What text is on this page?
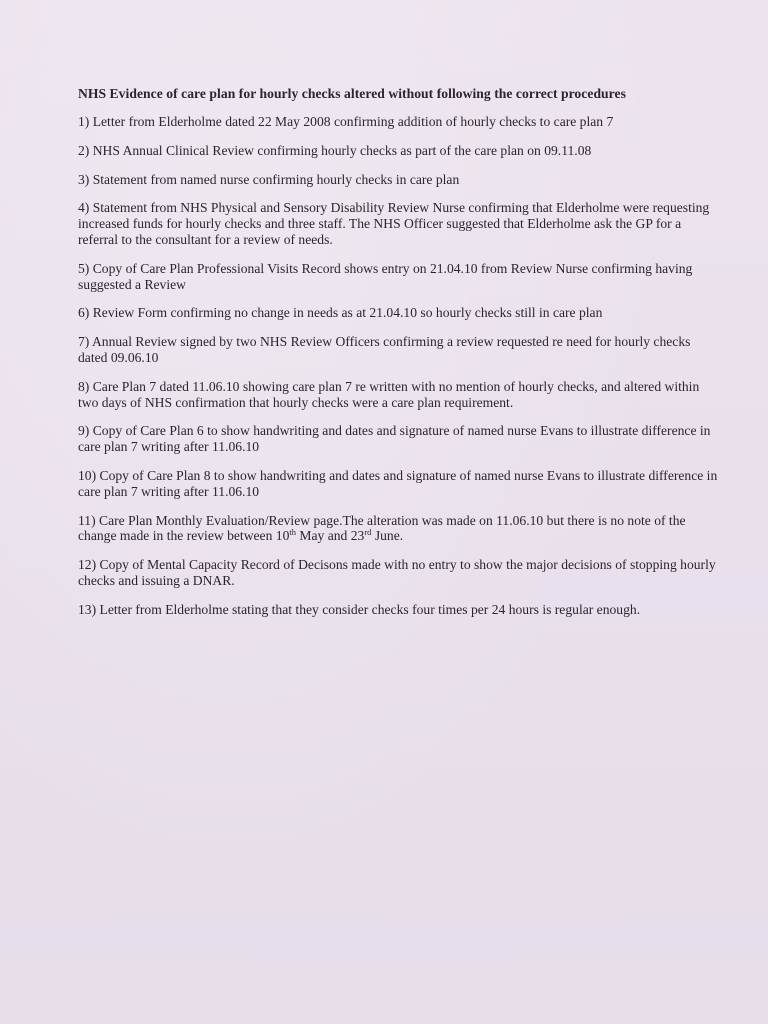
NHS Evidence of care plan for hourly checks altered without following the correct procedures

1) Letter from Elderholme dated 22 May 2008 confirming addition of hourly checks to care plan 7

2) NHS Annual Clinical Review confirming hourly checks as part of the care plan on 09.11.08

3) Statement from named nurse confirming hourly checks in care plan

4) Statement from NHS Physical and Sensory Disability Review Nurse confirming that Elderholme were requesting increased funds for hourly checks and three staff. The NHS Officer suggested that Elderholme ask the GP for a referral to the consultant for a review of needs.

5) Copy of Care Plan Professional Visits Record shows entry on 21.04.10 from Review Nurse confirming having suggested a Review

6) Review Form confirming no change in needs as at 21.04.10 so hourly checks still in care plan

7) Annual Review signed by two NHS Review Officers confirming a review requested re need for hourly checks dated 09.06.10

8) Care Plan 7 dated 11.06.10 showing care plan 7 re written with no mention of hourly checks, and altered within two days of NHS confirmation that hourly checks were a care plan requirement.

9) Copy of Care Plan 6 to show handwriting and dates and signature of named nurse Evans to illustrate difference in care plan 7 writing after 11.06.10

10) Copy of Care Plan 8 to show handwriting and dates and signature of named nurse Evans to illustrate difference in care plan 7 writing after 11.06.10

11) Care Plan Monthly Evaluation/Review page.The alteration was made on 11.06.10 but there is no note of the change made in the review between 10th May and 23rd June.

12) Copy of Mental Capacity Record of Decisons made with no entry to show the major decisions of stopping hourly checks and issuing a DNAR.

13) Letter from Elderholme stating that they consider checks four times per 24 hours is regular enough.
